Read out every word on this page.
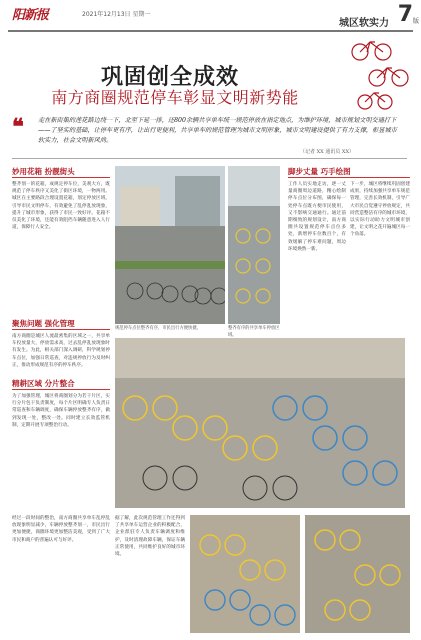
阳新报	2021年12月13日 星期一
城区软实力 7 版
巩固创全成效
南方商圈规范停车彰显文明新势能
❝ 走在新街集的莲花路边绕一下，北至下延一排，还800余辆共享单车统一规范停放在指定地点，为维护环境，城市规划文明交通打下——了坚实的基础，让停车更有序，让出行更便利，共享单车的规范管理为城市文明形象，城市文明建设提供了有力支撑，彰显城市软实力，社会文明新风尚。
（记者 XX 通讯员 XX）
妙用花箱 扮靓街头
整齐划一的花箱，成规定停车位，美观大方，既规范了停车秩序又美化了街区环境，一物两用。城区在主要路段合理设置花箱，划定停放区域，引导市民文明停车，有效避免了乱停乱放现象，提升了城市形象，获得了市民一致好评。花箱不仅美化了环境，还能有效阻挡车辆随意进入人行道，保障行人安全。
脚步丈量 巧手绘图
工作人员实地走访，逐一丈量商圈周边道路，精心绘制停车点位分布图，确保每一处停车点既方便市民使用，又不影响交通通行。通过前期细致的规划设计，南方商圈共设置规范停车点位多处，新增停车位数百个，有效缓解了停车难问题，周边环境焕然一新。
下一步，城区将继续巩固创建成果，持续加强共享单车规范管理，完善长效机制，引导广大市民自觉遵守停放规定，共同营造整洁有序的城市环境，以实际行动助力文明城市创建，让文明之花开遍城区每一个角落。
规范停车点位整齐有序，市民出行方便快捷。	整齐有序的共享单车停放区域。
聚焦问题 强化管理
南方商圈是城区人流最密集的区域之一，共享单车投放量大，停放需求高，过去乱停乱放现象时有发生。为此，相关部门深入调研，科学规划停车点位，加强日常巡查，对违规停放行为及时纠正，推动形成规范有序的停车秩序。
精耕区域 分片整合
为了加强管理，城区将商圈划分为若干片区，实行分片包干负责制度，每个片区明确专人负责日常巡查和车辆调度，确保车辆停放整齐有序，做到发现一处，整改一处。同时建立长效监管机制，定期开展专项整治行动。
经过一段时间的整治，南方商圈共享单车乱停乱放现象明显减少，车辆停放整齐划一，市民出行更加便捷，商圈环境更加整洁美观，受到了广大市民和商户的普遍认可与好评。
据了解，此次规范管理工作还得到了共享单车运营企业的积极配合，企业派驻专人负责车辆调度和维护，及时清理故障车辆，保证车辆正常使用，共同维护良好的城市环境。
